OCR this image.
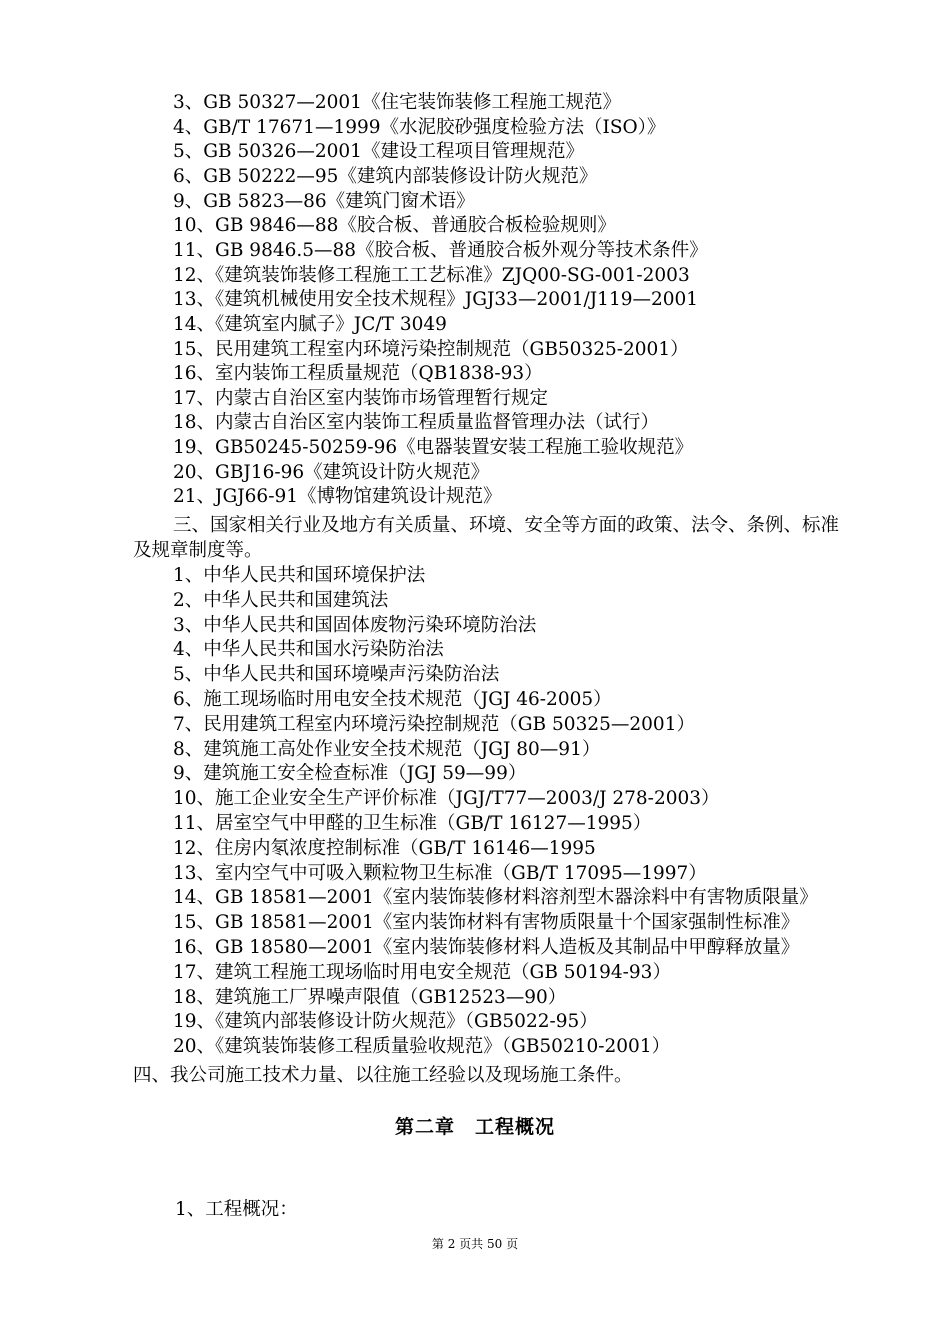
3、GB 50327—2001《住宅装饰装修工程施工规范》
4、GB/T 17671—1999《水泥胶砂强度检验方法（ISO）》
5、GB 50326—2001《建设工程项目管理规范》
6、GB 50222—95《建筑内部装修设计防火规范》
9、GB 5823—86《建筑门窗术语》
10、GB 9846—88《胶合板、普通胶合板检验规则》
11、GB 9846.5—88《胶合板、普通胶合板外观分等技术条件》
12、《建筑装饰装修工程施工工艺标准》ZJQ00-SG-001-2003
13、《建筑机械使用安全技术规程》JGJ33—2001/J119—2001
14、《建筑室内腻子》JC/T 3049
15、民用建筑工程室内环境污染控制规范（GB50325-2001）
16、室内装饰工程质量规范（QB1838-93）
17、内蒙古自治区室内装饰市场管理暂行规定
18、内蒙古自治区室内装饰工程质量监督管理办法（试行）
19、GB50245-50259-96《电器装置安装工程施工验收规范》
20、GBJ16-96《建筑设计防火规范》
21、JGJ66-91《博物馆建筑设计规范》
三、国家相关行业及地方有关质量、环境、安全等方面的政策、法令、条例、标准
及规章制度等。
1、中华人民共和国环境保护法
2、中华人民共和国建筑法
3、中华人民共和国固体废物污染环境防治法
4、中华人民共和国水污染防治法
5、中华人民共和国环境噪声污染防治法
6、施工现场临时用电安全技术规范（JGJ 46-2005）
7、民用建筑工程室内环境污染控制规范（GB 50325—2001）
8、建筑施工高处作业安全技术规范（JGJ 80—91）
9、建筑施工安全检查标准（JGJ 59—99）
10、施工企业安全生产评价标准（JGJ/T77—2003/J 278-2003）
11、居室空气中甲醛的卫生标准（GB/T 16127—1995）
12、住房内氡浓度控制标准（GB/T 16146—1995
13、室内空气中可吸入颗粒物卫生标准（GB/T 17095—1997）
14、GB 18581—2001《室内装饰装修材料溶剂型木器涂料中有害物质限量》
15、GB 18581—2001《室内装饰材料有害物质限量十个国家强制性标准》
16、GB 18580—2001《室内装饰装修材料人造板及其制品中甲醇释放量》
17、建筑工程施工现场临时用电安全规范（GB 50194-93）
18、建筑施工厂界噪声限值（GB12523—90）
19、《建筑内部装修设计防火规范》（GB5022-95）
20、《建筑装饰装修工程质量验收规范》（GB50210-2001）
四、我公司施工技术力量、以往施工经验以及现场施工条件。
第二章　工程概况
1、工程概况：
第 2 页共 50 页
